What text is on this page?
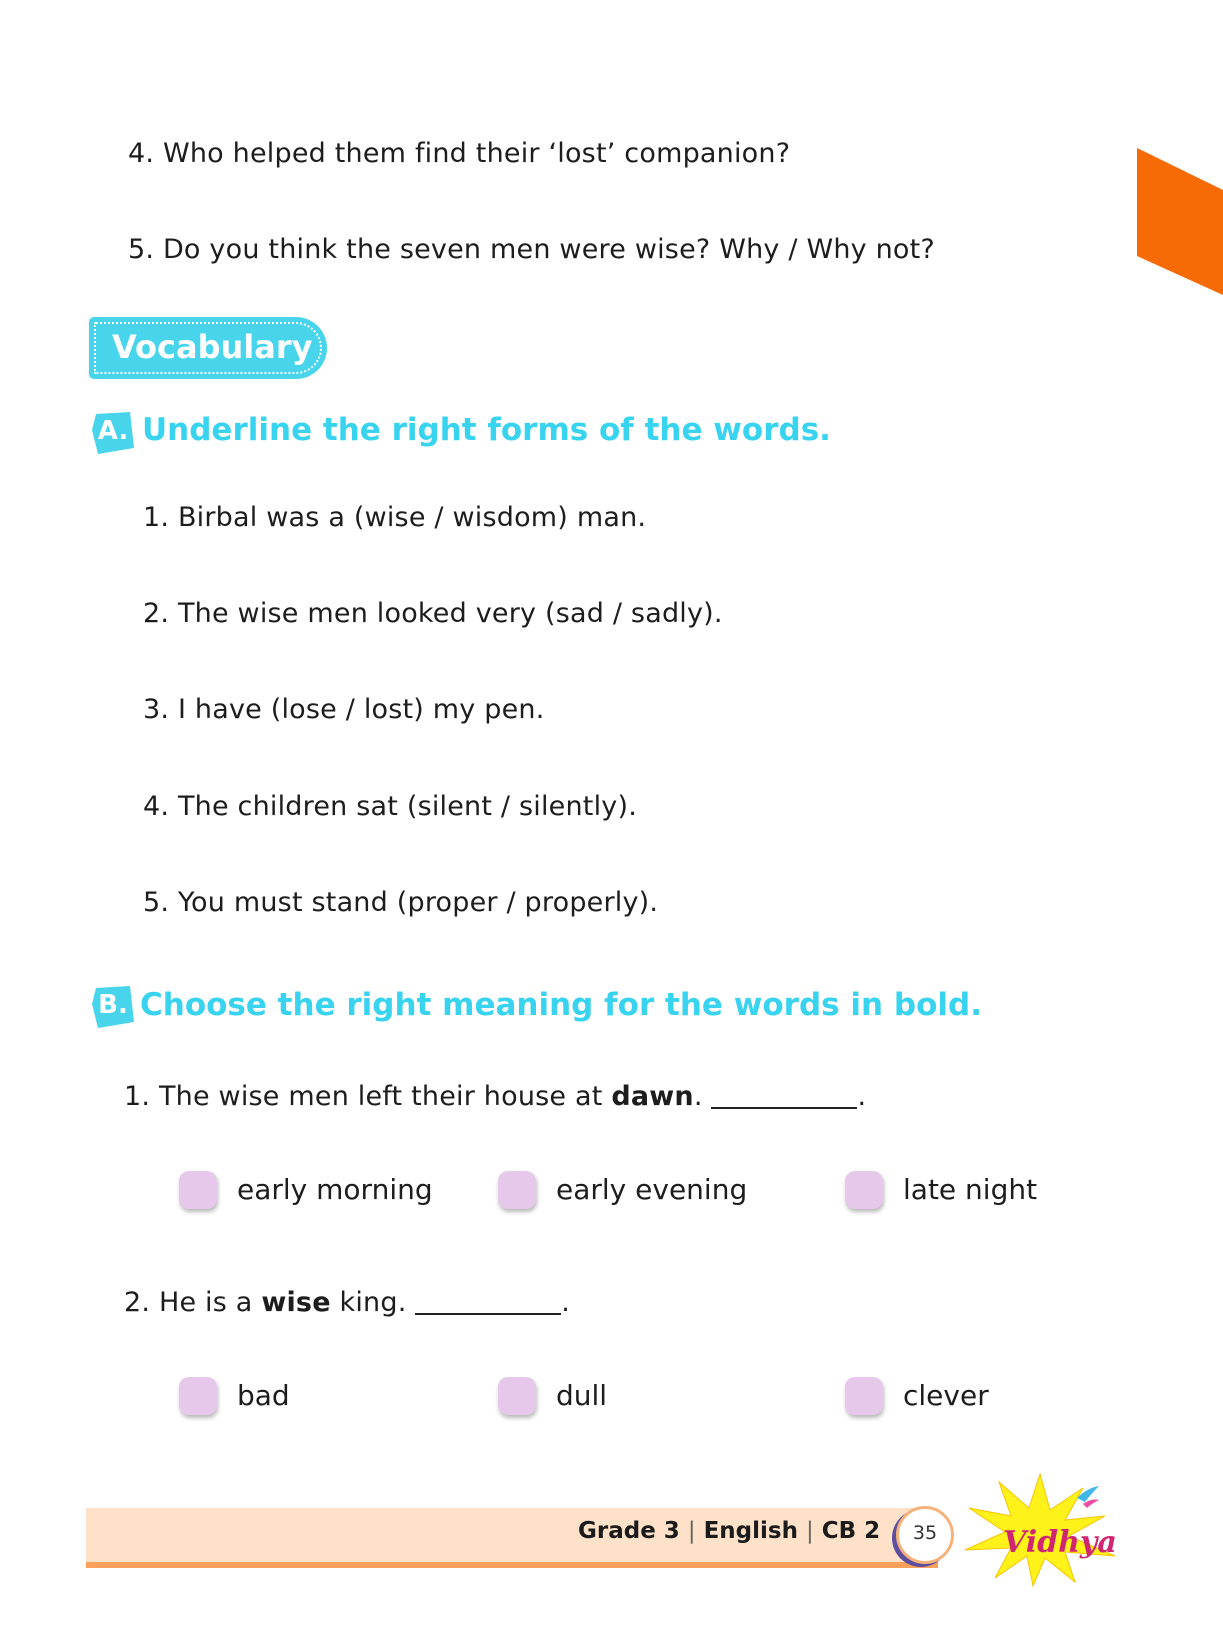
4. Who helped them find their ‘lost’ companion?
5. Do you think the seven men were wise? Why / Why not?
Vocabulary
A. Underline the right forms of the words.
1. Birbal was a (wise / wisdom) man.
2. The wise men looked very (sad / sadly).
3. I have (lose / lost) my pen.
4. The children sat (silent / silently).
5. You must stand (proper / properly).
B. Choose the right meaning for the words in bold.
1. The wise men left their house at dawn.	.
early morning	early evening	late night
2. He is a wise king.	.
bad	dull	clever
Grade 3 | English | CB 2	35	Vidhya
